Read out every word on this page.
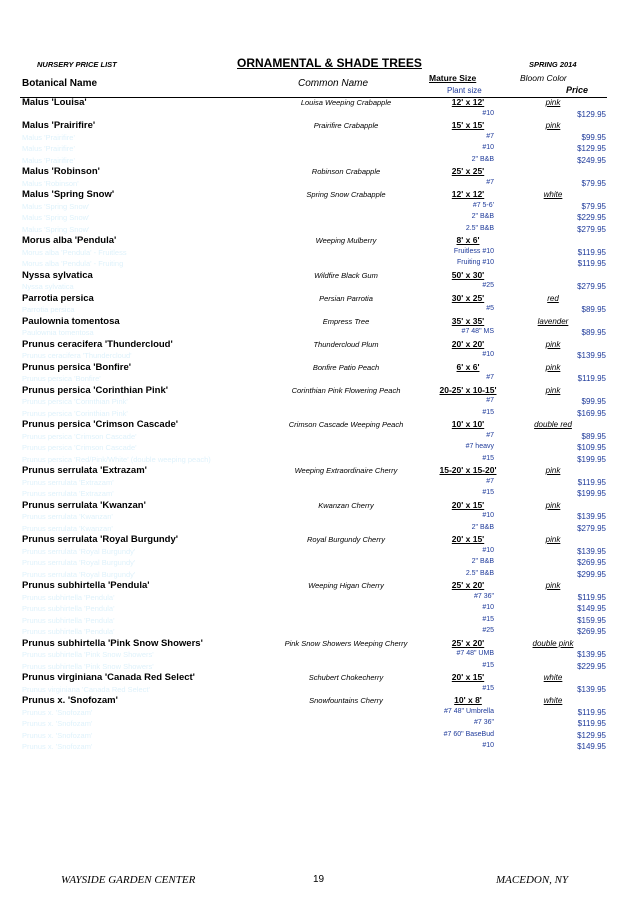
NURSERY PRICE LIST	ORNAMENTAL & SHADE TREES	SPRING 2014
Botanical Name	Common Name	Mature Size	Bloom Color
Plant size	Price
Malus 'Louisa'	Louisa Weeping Crabapple	12' x 12'	pink
#10	$129.95
Malus 'Prairifire'	Prairifire Crabapple	15' x 15'	pink
Malus 'Prairifire'	#7	$99.95
Malus 'Prairifire'	#10	$129.95
Malus 'Prairifire'	2" B&B	$249.95
Malus 'Robinson'	Robinson Crabapple	25' x 25'
Malus 'Robinson'	#7	$79.95
Malus 'Spring Snow'	Spring Snow Crabapple	12' x 12'	white
Malus 'Spring Snow'	#7 5-6'	$79.95
Malus 'Spring Snow'	2" B&B	$229.95
Malus 'Spring Snow'	2.5" B&B	$279.95
Morus alba 'Pendula'	Weeping Mulberry	8' x 6'
Morus alba 'Pendula' - Fruitless	Fruitless #10	$119.95
Morus alba 'Pendula' - Fruiting	Fruiting #10	$119.95
Nyssa sylvatica	Wildfire Black Gum	50' x 30'
Nyssa sylvatica	#25	$279.95
Parrotia persica	Persian Parrotia	30' x 25'	red
Parrotia persica	#5	$89.95
Paulownia tomentosa	Empress Tree	35' x 35'	lavender
Paulownia tomentosa	#7 48" MS	$89.95
Prunus ceracifera 'Thundercloud'	Thundercloud Plum	20' x 20'	pink
Prunus ceracifera 'Thundercloud'	#10	$139.95
Prunus persica 'Bonfire'	Bonfire Patio Peach	6' x 6'	pink
Prunus persica 'Bonfire'	#7	$119.95
Prunus persica 'Corinthian Pink'	Corinthian Pink Flowering Peach	20-25' x 10-15'	pink
Prunus persica 'Corinthian Pink'	#7	$99.95
Prunus persica 'Corinthian Pink'	#15	$169.95
Prunus persica 'Crimson Cascade'	Crimson Cascade Weeping Peach	10' x 10'	double red
Prunus persica 'Crimson Cascade'	#7	$89.95
Prunus persica 'Crimson Cascade'	#7 heavy	$109.95
Prunus persica 'Red/Pink/White' (double weeping peach)	#15	$199.95
Prunus serrulata 'Extrazam'	Weeping Extraordinaire Cherry	15-20' x 15-20'	pink
Prunus serrulata 'Extrazam'	#7	$119.95
Prunus serrulata 'Extrazam'	#15	$199.95
Prunus serrulata 'Kwanzan'	Kwanzan Cherry	20' x 15'	pink
Prunus serrulata 'Kwanzan'	#10	$139.95
Prunus serrulata 'Kwanzan'	2" B&B	$279.95
Prunus serrulata 'Royal Burgundy'	Royal Burgundy Cherry	20' x 15'	pink
Prunus serrulata 'Royal Burgundy'	#10	$139.95
Prunus serrulata 'Royal Burgundy'	2" B&B	$269.95
Prunus serrulata 'Royal Burgundy'	2.5" B&B	$299.95
Prunus subhirtella 'Pendula'	Weeping Higan Cherry	25' x 20'	pink
Prunus subhirtella 'Pendula'	#7 36"	$119.95
Prunus subhirtella 'Pendula'	#10	$149.95
Prunus subhirtella 'Pendula'	#15	$159.95
Prunus subhirtella 'Pendula'	#25	$269.95
Prunus subhirtella 'Pink Snow Showers'	Pink Snow Showers Weeping Cherry	25' x 20'	double pink
Prunus subhirtella 'Pink Snow Showers'	#7 48" UMB	$139.95
Prunus subhirtella 'Pink Snow Showers'	#15	$229.95
Prunus virginiana 'Canada Red Select'	Schubert Chokecherry	20' x 15'	white
Prunus virginiana 'Canada Red Select'	#15	$139.95
Prunus x. 'Snofozam'	Snowfountains Cherry	10' x 8'	white
Prunus x. 'Snofozam'	#7 48" Umbrella	$119.95
Prunus x. 'Snofozam'	#7 36"	$119.95
Prunus x. 'Snofozam'	#7 60" BaseBud	$129.95
Prunus x. 'Snofozam'	#10	$149.95
WAYSIDE GARDEN CENTER	19	MACEDON, NY
